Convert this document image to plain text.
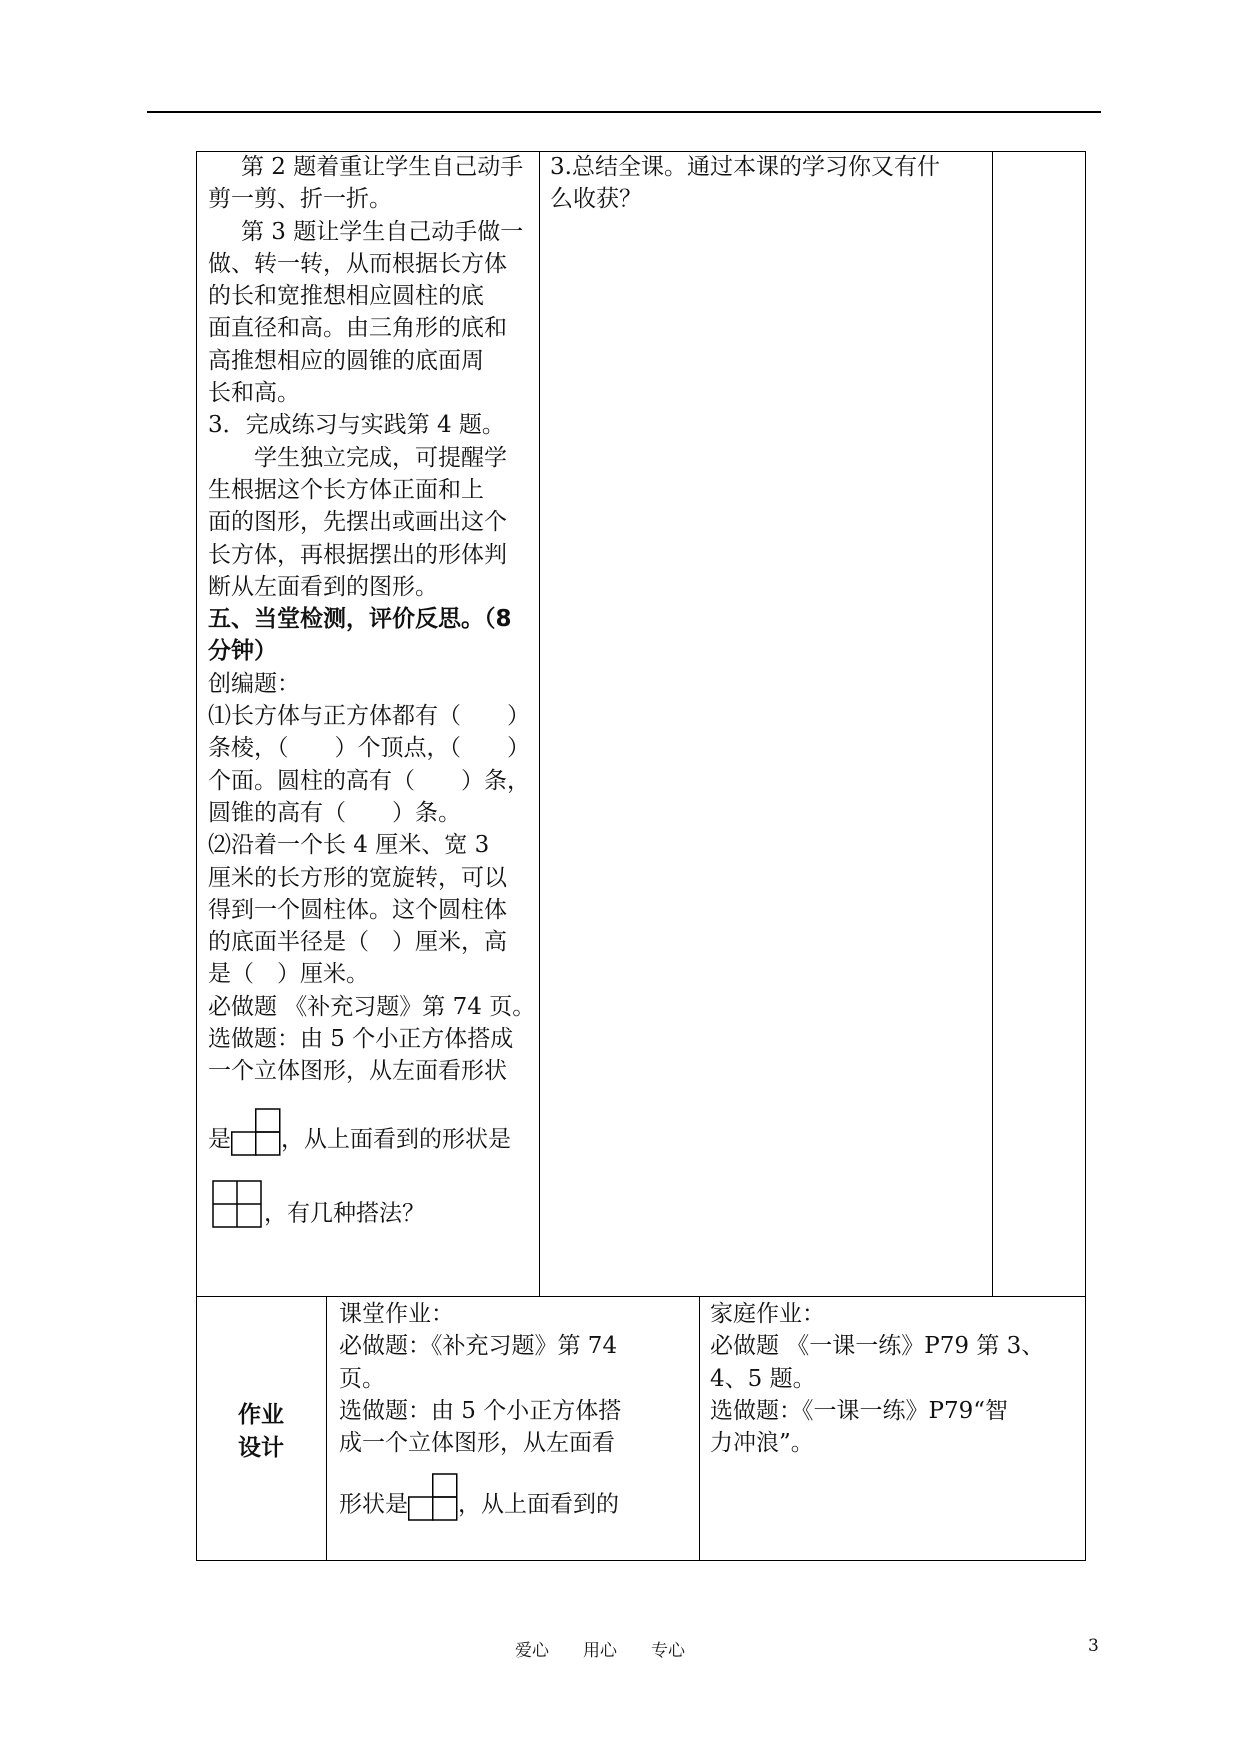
第 2 题着重让学生自己动手

剪一剪、折一折。

第 3 题让学生自己动手做一

做、转一转，从而根据长方体

的长和宽推想相应圆柱的底

面直径和高。由三角形的底和

高推想相应的圆锥的底面周

长和高。

3．完成练习与实践第 4 题。

学生独立完成，可提醒学

生根据这个长方体正面和上

面的图形，先摆出或画出这个

长方体，再根据摆出的形体判

断从左面看到的图形。

五、当堂检测，评价反思。（8

分钟）

创编题：

⑴长方体与正方体都有（　　）

条棱，（　　）个顶点，（　　）

个面。圆柱的高有（　　）条，

圆锥的高有（　　）条。

⑵沿着一个长 4 厘米、宽 3

厘米的长方形的宽旋转，可以

得到一个圆柱体。这个圆柱体

的底面半径是（　）厘米，高

是（　）厘米。

必做题 《补充习题》第 74 页。

选做题：由 5 个小正方体搭成

一个立体图形，从左面看形状

是 ，从上面看到的形状是

，有几种搭法？

3.总结全课。通过本课的学习你又有什

么收获？

作业
设计

课堂作业：

必做题：《补充习题》第 74

页。

选做题：由 5 个小正方体搭

成一个立体图形，从左面看

形状是 ，从上面看到的

家庭作业：

必做题 《一课一练》P79 第 3、

4、5 题。

选做题：《一课一练》P79“智

力冲浪”。

爱心　　用心　　专心	3
